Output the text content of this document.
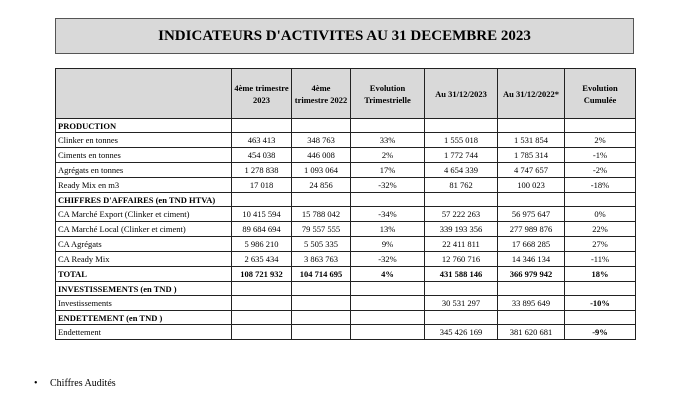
INDICATEURS D'ACTIVITES AU 31 DECEMBRE 2023
	4ème trimestre 2023	4ème trimestre 2022	Evolution Trimestrielle	Au 31/12/2023	Au 31/12/2022*	Evolution Cumulée
PRODUCTION						
Clinker en tonnes	463 413	348 763	33%	1 555 018	1 531 854	2%
Ciments en tonnes	454 038	446 008	2%	1 772 744	1 785 314	-1%
Agrégats en tonnes	1 278 838	1 093 064	17%	4 654 339	4 747 657	-2%
Ready Mix en m3	17 018	24 856	-32%	81 762	100 023	-18%
CHIFFRES D'AFFAIRES (en TND HTVA)						
CA Marché Export (Clinker et ciment)	10 415 594	15 788 042	-34%	57 222 263	56 975 647	0%
CA Marché Local (Clinker et ciment)	89 684 694	79 557 555	13%	339 193 356	277 989 876	22%
CA Agrégats	5 986 210	5 505 335	9%	22 411 811	17 668 285	27%
CA Ready Mix	2 635 434	3 863 763	-32%	12 760 716	14 346 134	-11%
TOTAL	108 721 932	104 714 695	4%	431 588 146	366 979 942	18%
INVESTISSEMENTS (en TND )						
Investissements				30 531 297	33 895 649	-10%
ENDETTEMENT (en TND )						
Endettement				345 426 169	381 620 681	-9%
•	Chiffres Audités
